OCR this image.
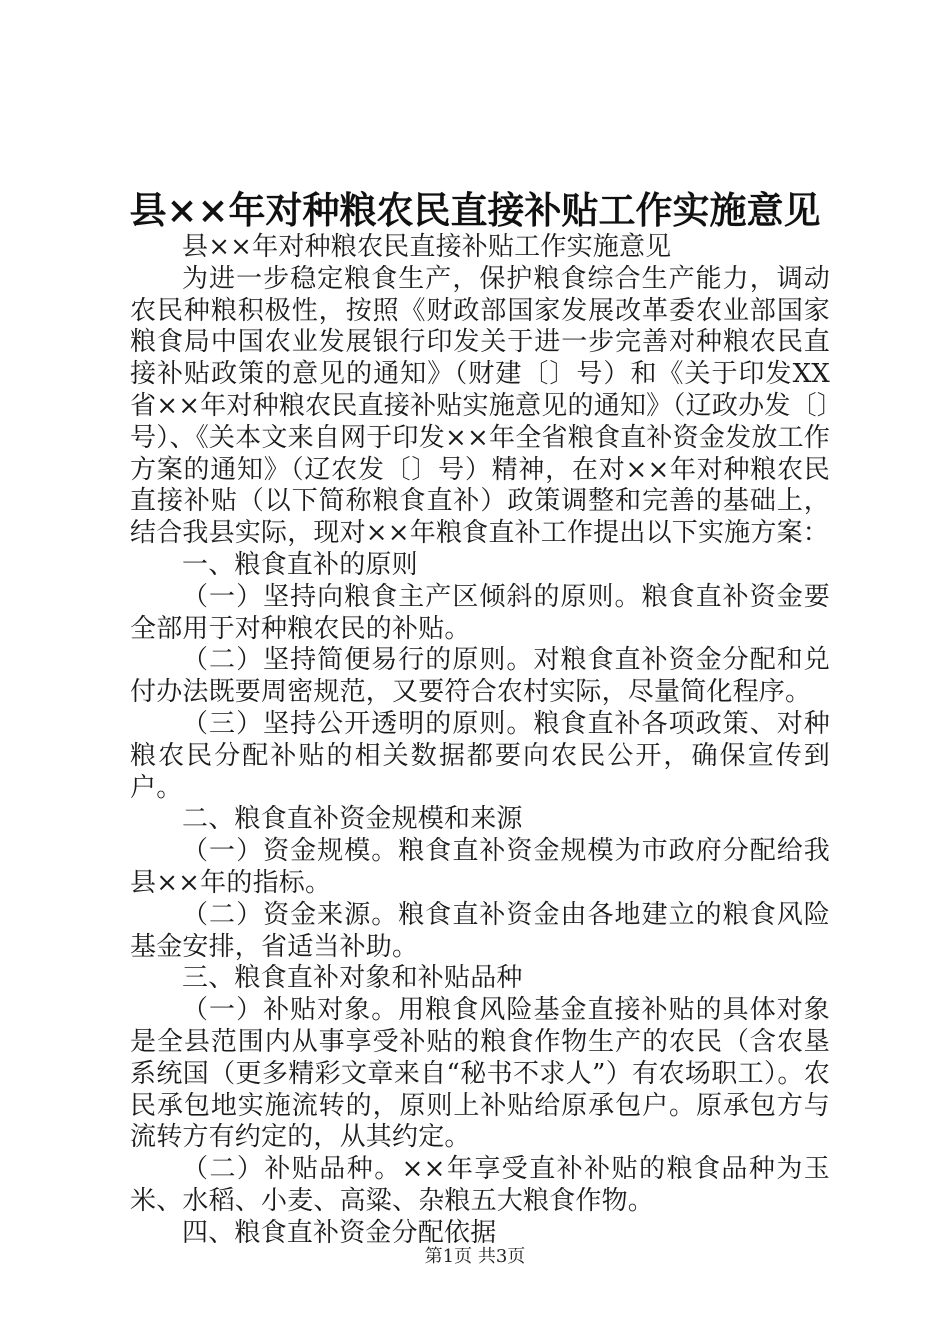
县××年对种粮农民直接补贴工作实施意见

县××年对种粮农民直接补贴工作实施意见

为进一步稳定粮食生产，保护粮食综合生产能力，调动农民种粮积极性，按照《财政部国家发展改革委农业部国家粮食局中国农业发展银行印发关于进一步完善对种粮农民直接补贴政策的意见的通知》（财建〔〕号）和《关于印发XX省××年对种粮农民直接补贴实施意见的通知》（辽政办发〔〕号）、《关本文来自网于印发××年全省粮食直补资金发放工作方案的通知》（辽农发〔〕号）精神，在对××年对种粮农民直接补贴（以下简称粮食直补）政策调整和完善的基础上，结合我县实际，现对××年粮食直补工作提出以下实施方案：

一、粮食直补的原则

（一）坚持向粮食主产区倾斜的原则。粮食直补资金要全部用于对种粮农民的补贴。

（二）坚持简便易行的原则。对粮食直补资金分配和兑付办法既要周密规范，又要符合农村实际，尽量简化程序。

（三）坚持公开透明的原则。粮食直补各项政策、对种粮农民分配补贴的相关数据都要向农民公开，确保宣传到户。

二、粮食直补资金规模和来源

（一）资金规模。粮食直补资金规模为市政府分配给我县××年的指标。

（二）资金来源。粮食直补资金由各地建立的粮食风险基金安排，省适当补助。

三、粮食直补对象和补贴品种

（一）补贴对象。用粮食风险基金直接补贴的具体对象是全县范围内从事享受补贴的粮食作物生产的农民（含农垦系统国（更多精彩文章来自“秘书不求人”）有农场职工）。农民承包地实施流转的，原则上补贴给原承包户。原承包方与流转方有约定的，从其约定。

（二）补贴品种。××年享受直补补贴的粮食品种为玉米、水稻、小麦、高粱、杂粮五大粮食作物。

四、粮食直补资金分配依据

第1页 共3页
